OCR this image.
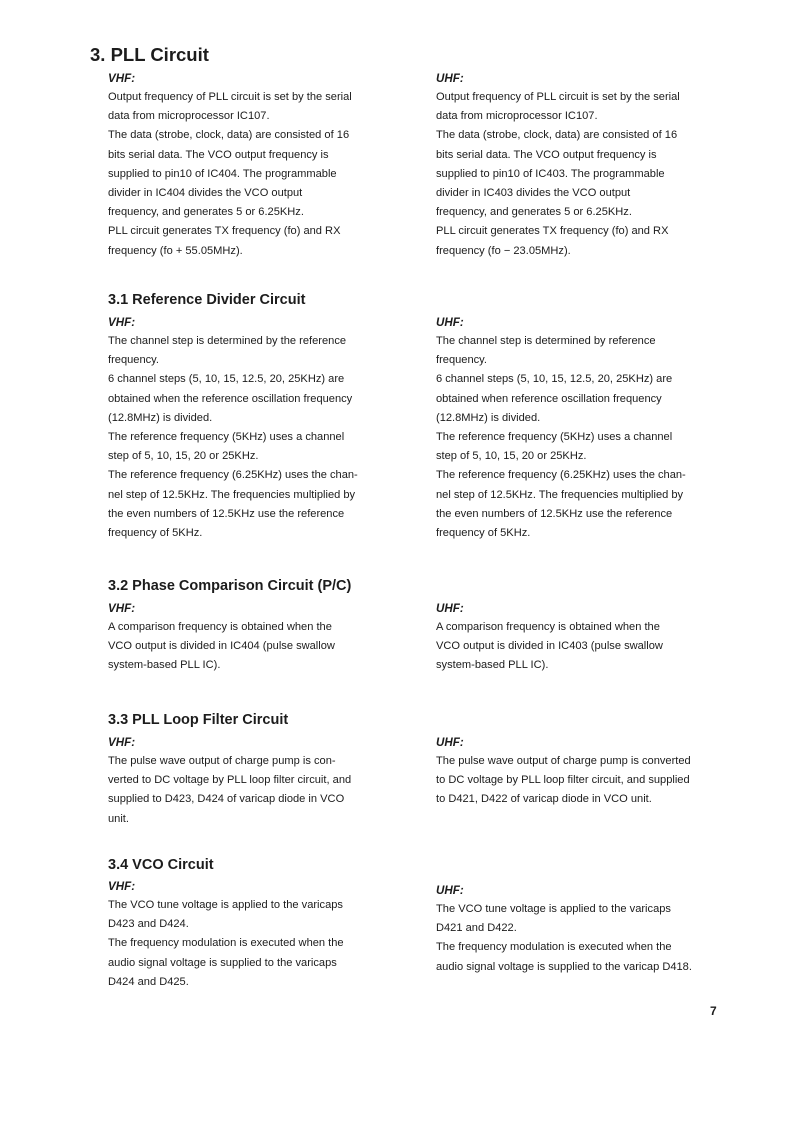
3. PLL Circuit

VHF:

Output frequency of PLL circuit is set by the serial

data from microprocessor IC107.

The data (strobe, clock, data) are consisted of 16

bits serial data. The VCO output frequency is

supplied to pin10 of IC404. The programmable

divider in IC404 divides the VCO output

frequency, and generates 5 or 6.25KHz.

PLL circuit generates TX frequency (fo) and RX

frequency (fo + 55.05MHz).

UHF:

Output frequency of PLL circuit is set by the serial

data from microprocessor IC107.

The data (strobe, clock, data) are consisted of 16

bits serial data. The VCO output frequency is

supplied to pin10 of IC403. The programmable

divider in IC403 divides the VCO output

frequency, and generates 5 or 6.25KHz.

PLL circuit generates TX frequency (fo) and RX

frequency (fo − 23.05MHz).

3.1 Reference Divider Circuit

VHF:

The channel step is determined by the reference

frequency.

6 channel steps (5, 10, 15, 12.5, 20, 25KHz) are

obtained when the reference oscillation frequency

(12.8MHz) is divided.

The reference frequency (5KHz) uses a channel

step of 5, 10, 15, 20 or 25KHz.

The reference frequency (6.25KHz) uses the chan-

nel step of 12.5KHz. The frequencies multiplied by

the even numbers of 12.5KHz use the reference

frequency of 5KHz.

UHF:

The channel step is determined by reference

frequency.

6 channel steps (5, 10, 15, 12.5, 20, 25KHz) are

obtained when reference oscillation frequency

(12.8MHz) is divided.

The reference frequency (5KHz) uses a channel

step of 5, 10, 15, 20 or 25KHz.

The reference frequency (6.25KHz) uses the chan-

nel step of 12.5KHz. The frequencies multiplied by

the even numbers of 12.5KHz use the reference

frequency of 5KHz.

3.2 Phase Comparison Circuit (P/C)

VHF:

A comparison frequency is obtained when the

VCO output is divided in IC404 (pulse swallow

system-based PLL IC).

UHF:

A comparison frequency is obtained when the

VCO output is divided in IC403 (pulse swallow

system-based PLL IC).

3.3 PLL Loop Filter Circuit

VHF:

The pulse wave output of charge pump is con-

verted to DC voltage by PLL loop filter circuit, and

supplied to D423, D424 of varicap diode in VCO

unit.

UHF:

The pulse wave output of charge pump is converted

to DC voltage by PLL loop filter circuit, and supplied

to D421, D422 of varicap diode in VCO unit.

3.4 VCO Circuit

VHF:

The VCO tune voltage is applied to the varicaps

D423 and D424.

The frequency modulation is executed when the

audio signal voltage is supplied to the varicaps

D424 and D425.

UHF:

The VCO tune voltage is applied to the varicaps

D421 and D422.

The frequency modulation is executed when the

audio signal voltage is supplied to the varicap D418.

7
